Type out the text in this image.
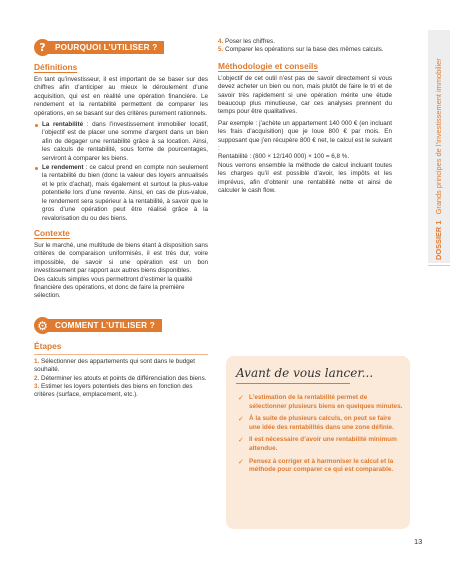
DOSSIER 1   Grands principes de l’investissement immobilier
?	POURQUOI L’UTILISER ?
Définitions

En tant qu’investisseur, il est important de se baser sur des chiffres afin d’anticiper au mieux le déroulement d’une acquisition, qui est en réalité une opération financière. Le rendement et la rentabilité permettent de comparer les opérations, en se basant sur des critères purement rationnels.

La rentabilité : dans l’investissement immobilier locatif, l’objectif est de placer une somme d’argent dans un bien afin de dégager une rentabilité grâce à sa location. Ainsi, les calculs de rentabilité, sous forme de pourcentages, serviront à comparer les biens.
Le rendement : ce calcul prend en compte non seulement la rentabilité du bien (donc la valeur des loyers annualisés et le prix d’achat), mais également et surtout la plus-value potentielle lors d’une revente. Ainsi, en cas de plus-value, le rendement sera supérieur à la rentabilité, à savoir que le gros d’une opération peut être réalisé grâce à la revalorisation du ou des biens.
Contexte

Sur le marché, une multitude de biens étant à disposition sans critères de comparaison uniformisés, il est très dur, voire impossible, de savoir si une opération est un bon investissement par rapport aux autres biens disponibles.

Des calculs simples vous permettront d’estimer la qualité financière des opérations, et donc de faire la première sélection.

⚙ COMMENT L’UTILISER ?
Étapes

1. Sélectionner des appartements qui sont dans le budget souhaité.

2. Déterminer les atouts et points de différenciation des biens.

3. Estimer les loyers potentiels des biens en fonction des critères (surface, emplacement, etc.).

4. Poser les chiffres.

5. Comparer les opérations sur la base des mêmes calculs.

Méthodologie et conseils

L’objectif de cet outil n’est pas de savoir directement si vous devez acheter un bien ou non, mais plutôt de faire le tri et de savoir très rapidement si une opération mérite une étude beaucoup plus minutieuse, car ces analyses prennent du temps pour être qualitatives.

Par exemple : j’achète un appartement 140 000 € (en incluant les frais d’acquisition) que je loue 800 € par mois. En supposant que j’en récupère 800 € net, le calcul est le suivant :

Rentabilité : (800 × 12/140 000) × 100 = 6,8 %.

Nous verrons ensemble la méthode de calcul incluant toutes les charges qu’il est possible d’avoir, les impôts et les imprévus, afin d’obtenir une rentabilité nette et ainsi de calculer le cash flow.

Avant de vous lancer...
✓ L’estimation de la rentabilité permet de sélectionner plusieurs biens en quelques minutes.
✓ À la suite de plusieurs calculs, on peut se faire une idée des rentabilités dans une zone définie.
✓ Il est nécessaire d’avoir une rentabilité minimum attendue.
✓ Pensez à corriger et à harmoniser le calcul et la méthode pour comparer ce qui est comparable.
13
